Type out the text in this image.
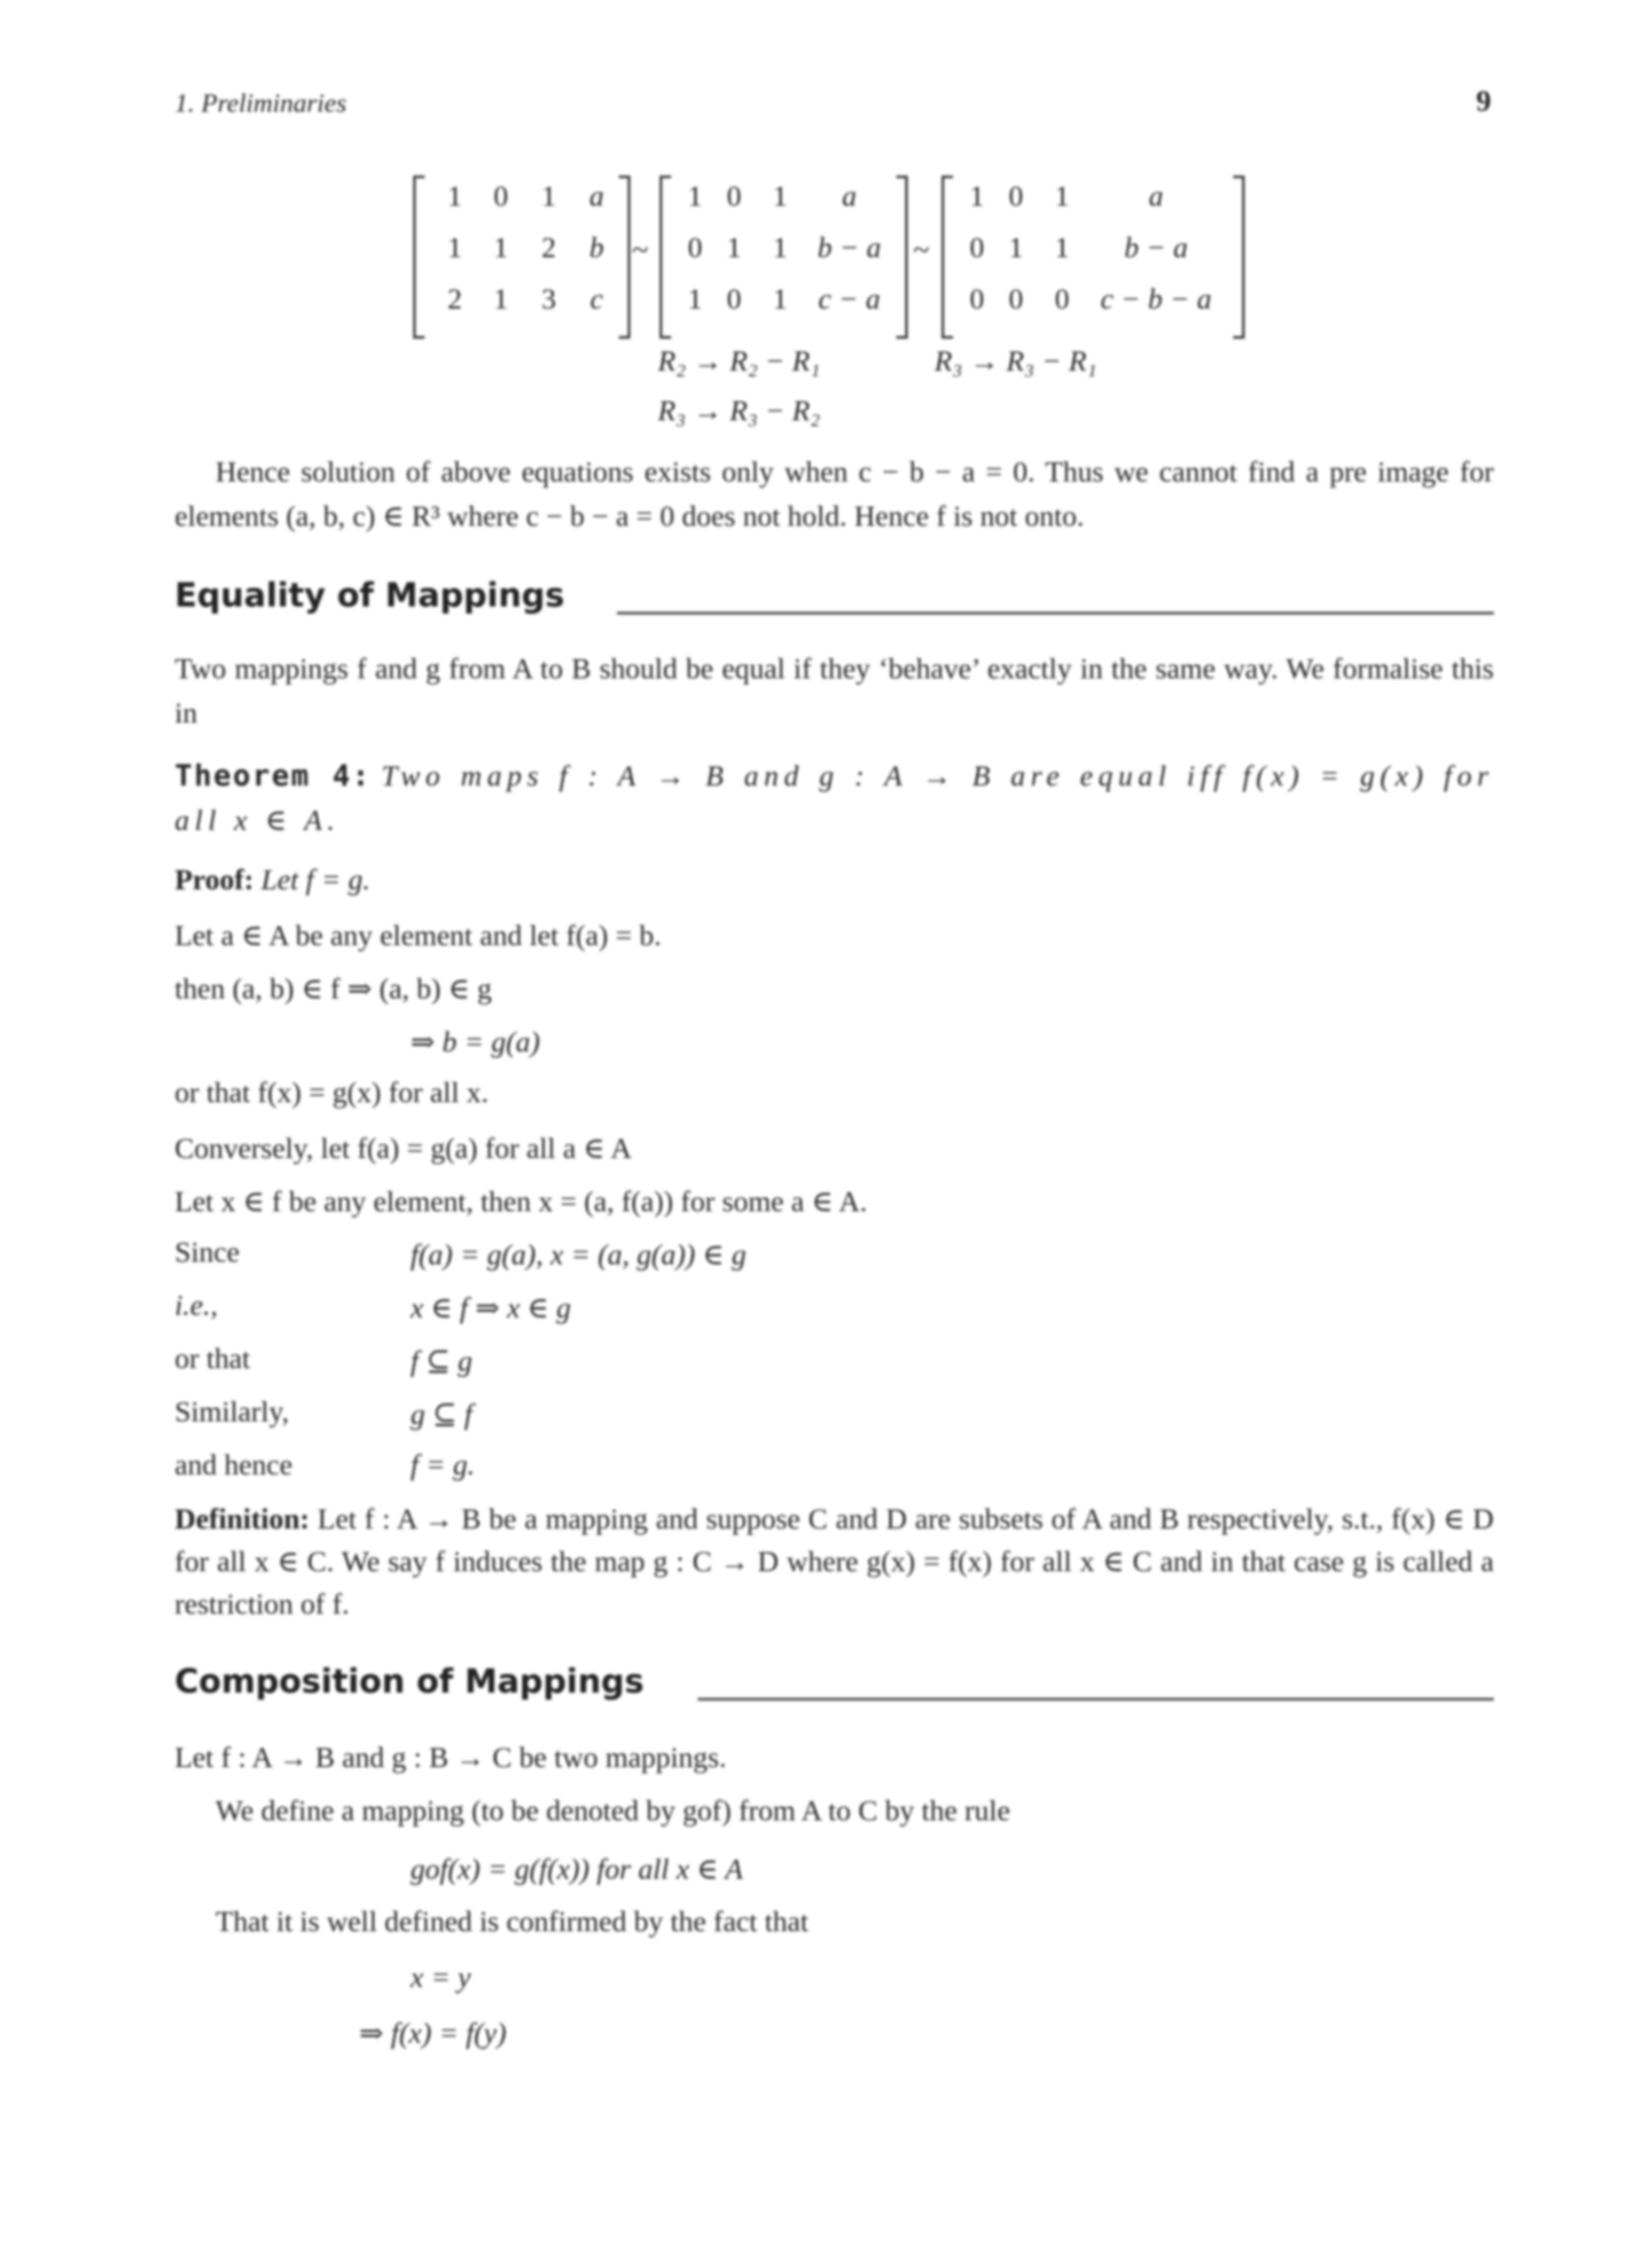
1. Preliminaries	9
1	0	1	a
1	1	2	b
2	1	3	c
~
1 0	1	a
0 1	1	b − a
1 0	1	c − a
~
1 0	1	a
0 1	1	b − a
0 0	0	c − b − a
R₂ → R₂ − R₁	R₃ → R₃ − R₁
R₃ → R₃ − R₂
Hence solution of above equations exists only when c − b − a = 0. Thus we cannot find a pre image for elements (a, b, c) ∈ R³ where c − b − a = 0 does not hold. Hence f is not onto.
Equality of Mappings
Two mappings f and g from A to B should be equal if they ‘behave’ exactly in the same way. We formalise this in
Theorem 4: Two maps f : A → B and g : A → B are equal iff f(x) = g(x) for all x ∈ A.
Proof: Let f = g.
Let a ∈ A be any element and let f(a) = b.
then (a, b) ∈ f ⇒ (a, b) ∈ g
⇒ b = g(a)
or that f(x) = g(x) for all x.
Conversely, let f(a) = g(a) for all a ∈ A
Let x ∈ f be any element, then x = (a, f(a)) for some a ∈ A.
Since	f(a) = g(a), x = (a, g(a)) ∈ g
i.e.,	x ∈ f ⇒ x ∈ g
or that	f ⊆ g
Similarly,	g ⊆ f
and hence	f = g.
Definition: Let f : A → B be a mapping and suppose C and D are subsets of A and B respectively, s.t., f(x) ∈ D for all x ∈ C. We say f induces the map g : C → D where g(x) = f(x) for all x ∈ C and in that case g is called a restriction of f.
Composition of Mappings
Let f : A → B and g : B → C be two mappings.
We define a mapping (to be denoted by gof) from A to C by the rule
gof(x) = g(f(x)) for all x ∈ A
That it is well defined is confirmed by the fact that
x = y
⇒ f(x) = f(y)
